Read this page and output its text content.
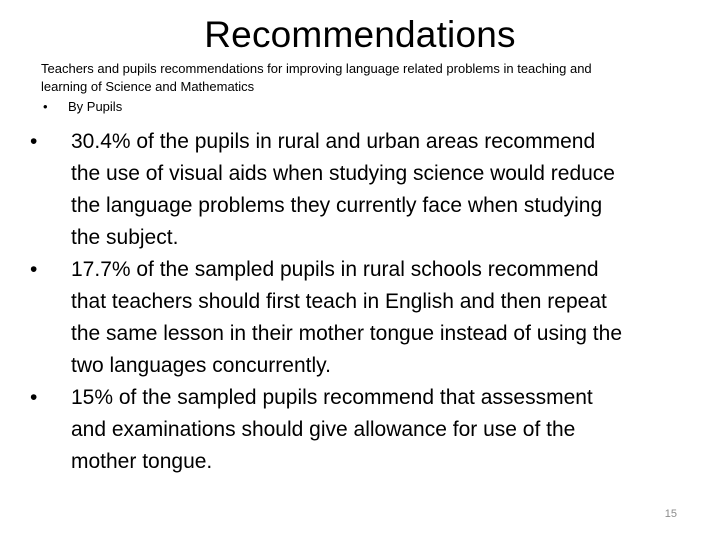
Recommendations
Teachers and pupils recommendations for improving language related problems in teaching and learning of Science and Mathematics
• By Pupils
•	30.4% of the pupils in rural and urban areas recommend the use of visual aids when studying science would reduce the language problems they currently face when studying the subject.
•	17.7% of the sampled pupils in rural schools recommend that teachers should first teach in English and then repeat the same lesson in their mother tongue instead of using the two languages concurrently.
•	15% of the sampled pupils recommend that assessment and examinations should give allowance for use of the mother tongue.
15
